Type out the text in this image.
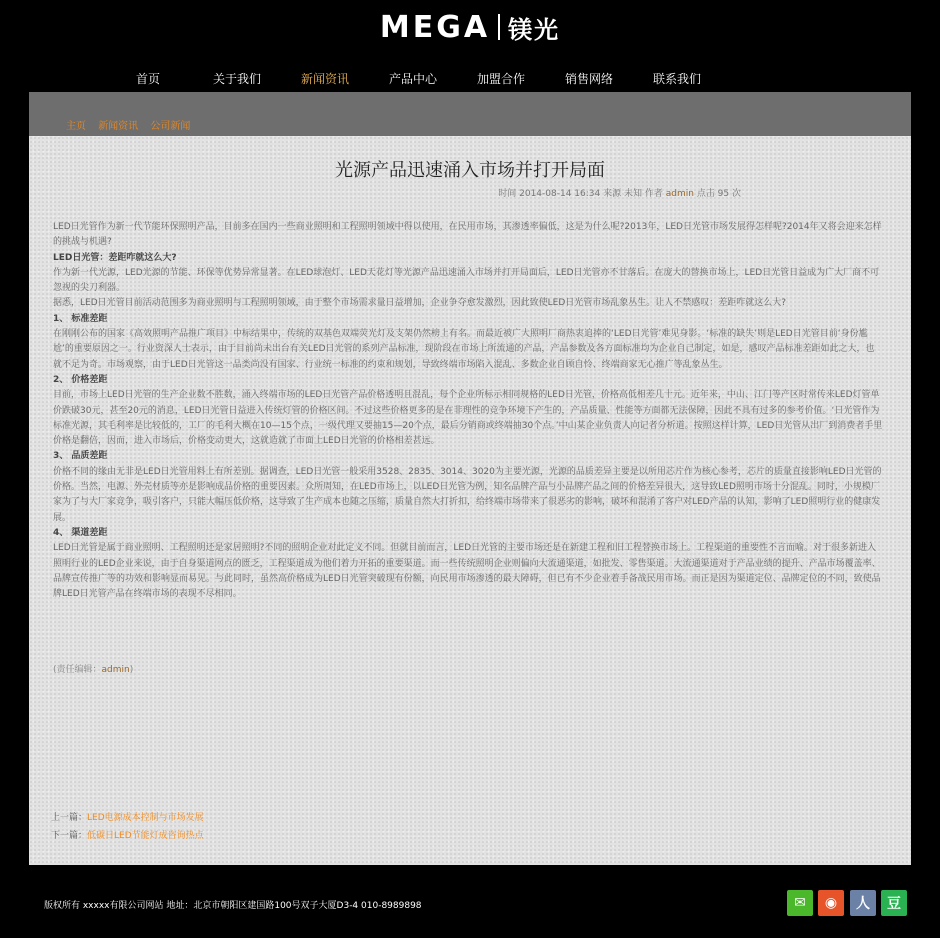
MEGA 镁光
首页	关于我们	新闻资讯	产品中心	加盟合作	销售网络	联系我们
主页 新闻资讯 公司新闻
光源产品迅速涌入市场并打开局面
时间 2014-08-14 16:34 来源 未知 作者 admin 点击 95 次

LED日光管作为新一代节能环保照明产品，目前多在国内一些商业照明和工程照明领域中得以使用，在民用市场，其渗透率偏低，这是为什么呢?2013年，LED日光管市场发展得怎样呢?2014年又将会迎来怎样的挑战与机遇?

LED日光管：差距咋就这么大?

作为新一代光源，LED光源的节能、环保等优势异常显著。在LED球泡灯、LED天花灯等光源产品迅速涌入市场并打开局面后，LED日光管亦不甘落后。在庞大的替换市场上，LED日光管日益成为广大厂商不可忽视的尖刀利器。

据悉，LED日光管目前活动范围多为商业照明与工程照明领域，由于整个市场需求量日益增加，企业争夺愈发激烈，因此致使LED日光管市场乱象丛生。让人不禁感叹：差距咋就这么大?

1、 标准差距

在刚刚公布的国家《高效照明产品推广项目》中标结果中，传统的双基色双端荧光灯及支架仍然榜上有名。而最近被广大照明厂商热衷追捧的‘LED日光管’难见身影。‘标准的缺失’则是LED日光管目前‘身份尴尬’的重要原因之一。行业资深人士表示，由于目前尚未出台有关LED日光管的系列产品标准，现阶段在市场上所流通的产品，产品参数及各方面标准均为企业自己制定，如是，感叹产品标准差距如此之大，也就不足为奇。市场观察，由于LED日光管这一品类尚没有国家、行业统一标准的约束和规划，导致终端市场陷入混乱、多数企业自顾自怜、终端商家无心推广等乱象丛生。

2、 价格差距

目前，市场上LED日光管的生产企业数不胜数，涌入终端市场的LED日光管产品价格透明且混乱，每个企业所标示相同规格的LED日光管，价格高低相差几十元。近年来，中山、江门等产区时常传来LED灯管单价跌破30元，甚至20元的消息，LED日光管日益进入传统灯管的价格区间。不过这些价格更多的是在非理性的竞争环境下产生的，产品质量、性能等方面都无法保障，因此不具有过多的参考价值。‘日光管作为标准光源，其毛利率是比较低的，工厂的毛利大概在10—15个点，一级代理又要抽15—20个点，最后分销商或终端抽30个点。’中山某企业负责人向记者分析道。按照这样计算，LED日光管从出厂到消费者手里价格是翻倍，因而，进入市场后，价格变动更大，这就造就了市面上LED日光管的价格相差甚远。

3、 品质差距

价格不同的缘由无非是LED日光管用料上有所差别。据调查，LED日光管一般采用3528、2835、3014、3020为主要光源，光源的品质差异主要是以所用芯片作为核心参考，芯片的质量直接影响LED日光管的价格。当然，电源、外壳材质等亦是影响成品价格的重要因素。众所周知，在LED市场上，以LED日光管为例，知名品牌产品与小品牌产品之间的价格差异很大，这导致LED照明市场十分混乱。同时，小规模厂家为了与大厂家竞争，吸引客户，只能大幅压低价格，这导致了生产成本也随之压缩，质量自然大打折扣，给终端市场带来了很恶劣的影响，破坏和混淆了客户对LED产品的认知，影响了LED照明行业的健康发展。

4、 渠道差距

LED日光管是属于商业照明、工程照明还是家居照明?不同的照明企业对此定义不同。但就目前而言，LED日光管的主要市场还是在新建工程和旧工程替换市场上。工程渠道的重要性不言而喻。对于很多新进入照明行业的LED企业来说，由于自身渠道网点的匮乏，工程渠道成为他们着力开拓的重要渠道。而一些传统照明企业则偏向大流通渠道，如批发、零售渠道。大流通渠道对于产品业绩的提升、产品市场覆盖率、品牌宣传推广等的功效和影响显而易见。与此同时，虽然高价格成为LED日光管突破现有份额，向民用市场渗透的最大障碍，但已有不少企业着手备战民用市场。而正是因为渠道定位、品牌定位的不同，致使品牌LED日光管产品在终端市场的表现不尽相同。

(责任编辑：admin)
上一篇：LED电源成本控制与市场发展
下一篇：低碳日LED节能灯成咨询热点
版权所有 xxxxx有限公司网站 地址：北京市朝阳区建国路100号双子大厦D3-4 010-8989898	✉	◉	人	豆
